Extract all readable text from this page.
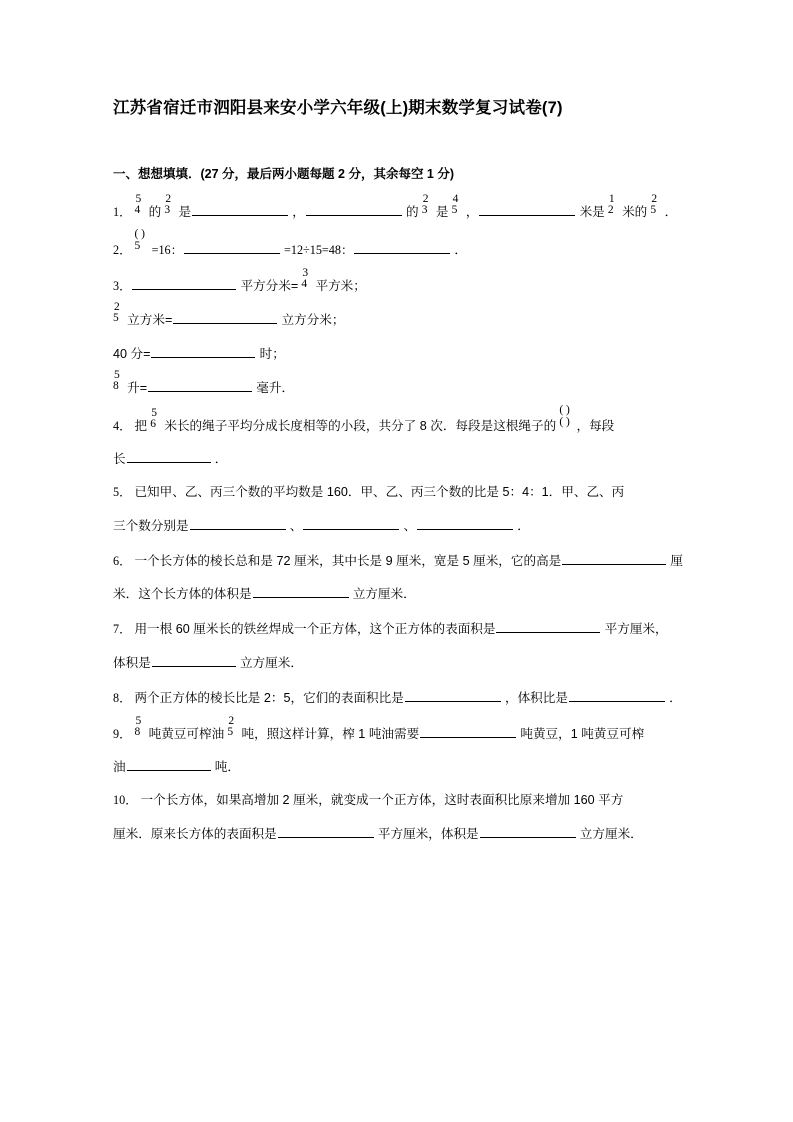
江苏省宿迁市泗阳县来安小学六年级(上)期末数学复习试卷(7)
一、想想填填．(27 分，最后两小题每题 2 分，其余每空 1 分)
1．
5
4 的
2
3 是	，	的
2
3 是
4
5 ，	米是
1
2 米的
2
5 ．
2．
( )
5 =16：	=12÷15=48：	．
3．	平方分米=
3
4 平方米；
2
5 立方米=	立方分米；
40 分=	时；
5
8 升=	毫升．
4． 把
5
6 米长的绳子平均分成长度相等的小段，共分了 8 次．每段是这根绳子的
( )
( ) ，每段
长	．
5． 已知甲、乙、丙三个数的平均数是 160．甲、乙、丙三个数的比是 5：4：1．甲、乙、丙
三个数分别是	、	、	．
6． 一个长方体的棱长总和是 72 厘米，其中长是 9 厘米，宽是 5 厘米，它的高是	厘
米．这个长方体的体积是	立方厘米．
7． 用一根 60 厘米长的铁丝焊成一个正方体，这个正方体的表面积是	平方厘米，
体积是	立方厘米．
8． 两个正方体的棱长比是 2：5，它们的表面积比是	，体积比是	．
9．
5
8 吨黄豆可榨油
2
5 吨，照这样计算，榨 1 吨油需要	吨黄豆，1 吨黄豆可榨
油	吨．
10． 一个长方体，如果高增加 2 厘米，就变成一个正方体，这时表面积比原来增加 160 平方
厘米．原来长方体的表面积是	平方厘米，体积是	立方厘米．
